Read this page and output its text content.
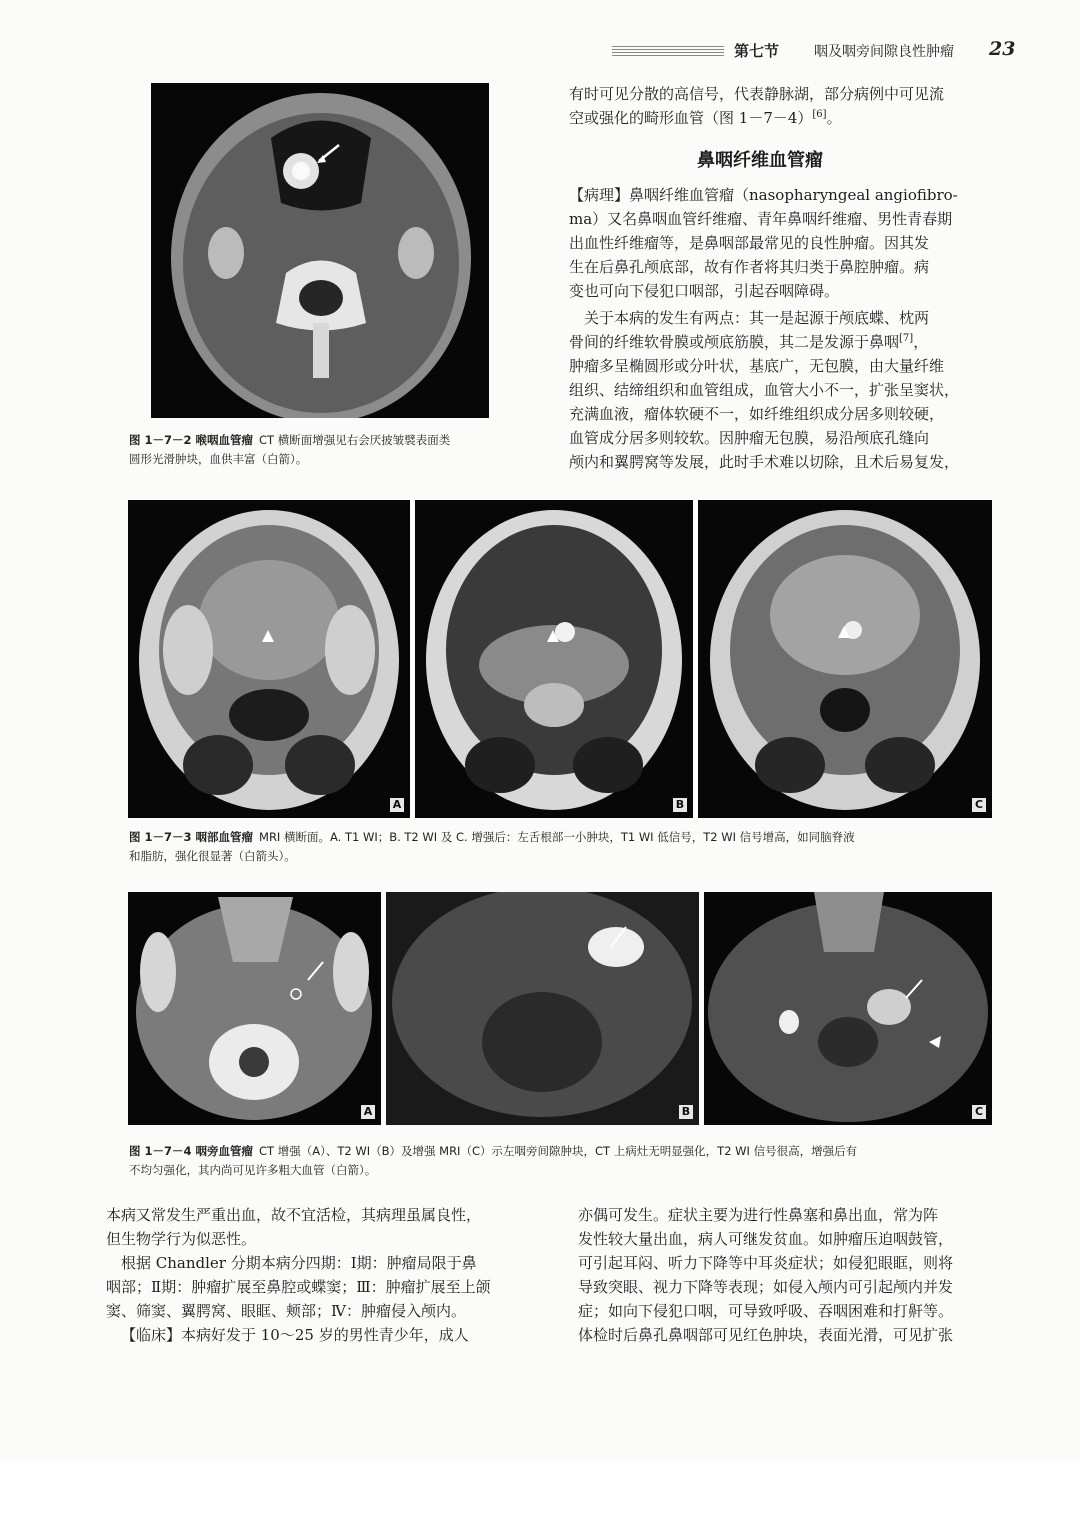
第七节 咽及咽旁间隙良性肿瘤 23

图 1－7－2 喉咽血管瘤 CT 横断面增强见右会厌披皱襞表面类
圆形光滑肿块，血供丰富（白箭）。

有时可见分散的高信号，代表静脉湖，部分病例中可见流
空或强化的畸形血管（图 1－7－4）[6]。
鼻咽纤维血管瘤
【病理】鼻咽纤维血管瘤（nasopharyngeal angiofibro-
ma）又名鼻咽血管纤维瘤、青年鼻咽纤维瘤、男性青春期
出血性纤维瘤等，是鼻咽部最常见的良性肿瘤。因其发
生在后鼻孔颅底部，故有作者将其归类于鼻腔肿瘤。病
变也可向下侵犯口咽部，引起吞咽障碍。
关于本病的发生有两点：其一是起源于颅底蝶、枕两
骨间的纤维软骨膜或颅底筋膜，其二是发源于鼻咽[7]，
肿瘤多呈椭圆形或分叶状，基底广，无包膜，由大量纤维
组织、结缔组织和血管组成，血管大小不一，扩张呈窦状，
充满血液，瘤体软硬不一，如纤维组织成分居多则较硬，
血管成分居多则较软。因肿瘤无包膜，易沿颅底孔缝向
颅内和翼腭窝等发展，此时手术难以切除，且术后易复发，
A	B	C

图 1－7－3 咽部血管瘤 MRI 横断面。A. T1 WI；B. T2 WI 及 C. 增强后：左舌根部一小肿块，T1 WI 低信号，T2 WI 信号增高，如同脑脊液
和脂肪，强化很显著（白箭头）。

A	B	C

图 1－7－4 咽旁血管瘤 CT 增强（A）、T2 WI（B）及增强 MRI（C）示左咽旁间隙肿块，CT 上病灶无明显强化，T2 WI 信号很高，增强后有
不均匀强化，其内尚可见许多粗大血管（白箭）。

本病又常发生严重出血，故不宜活检，其病理虽属良性，
但生物学行为似恶性。
根据 Chandler 分期本病分四期：Ⅰ期：肿瘤局限于鼻
咽部；Ⅱ期：肿瘤扩展至鼻腔或蝶窦；Ⅲ：肿瘤扩展至上颌
窦、筛窦、翼腭窝、眼眶、颊部；Ⅳ：肿瘤侵入颅内。
【临床】本病好发于 10～25 岁的男性青少年，成人
亦偶可发生。症状主要为进行性鼻塞和鼻出血，常为阵
发性较大量出血，病人可继发贫血。如肿瘤压迫咽鼓管，
可引起耳闷、听力下降等中耳炎症状；如侵犯眼眶，则将
导致突眼、视力下降等表现；如侵入颅内可引起颅内并发
症；如向下侵犯口咽，可导致呼吸、吞咽困难和打鼾等。
体检时后鼻孔鼻咽部可见红色肿块，表面光滑，可见扩张
